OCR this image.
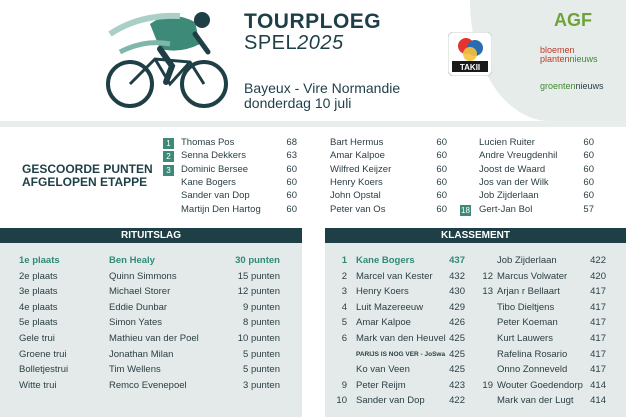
TOURPLOEG
SPEL2025
Bayeux - Vire Normandie
donderdag 10 juli
TAKII
AGF
bloemen
plantennieuws
groentennieuws
GESCOORDE PUNTEN
AFGELOPEN ETAPPE
1	Thomas Pos	68
2	Senna Dekkers	63
3	Dominic Bersee	60
Kane Bogers	60
Sander van Dop	60
Martijn Den Hartog	60
Bart Hermus	60
Amar Kalpoe	60
Wilfred Keijzer	60
Henry Koers	60
John Opstal	60
Peter van Os	60
Lucien Ruiter	60
Andre Vreugdenhil	60
Joost de Waard	60
Jos van der Wilk	60
Job Zijderlaan	60
18 Gert-Jan Bol	57
RITUITSLAG
1e plaats	Ben Healy	30 punten
2e plaats	Quinn Simmons	15 punten
3e plaats	Michael Storer	12 punten
4e plaats	Eddie Dunbar	9 punten
5e plaats	Simon Yates	8 punten
Gele trui	Mathieu van der Poel	10 punten
Groene trui	Jonathan Milan	5 punten
Bolletjestrui	Tim Wellens	5 punten
Witte trui	Remco Evenepoel	3 punten
KLASSEMENT
1 Kane Bogers	437
2 Marcel van Kester	432
3 Henry Koers	430
4 Luit Mazereeuw	429
5 Amar Kalpoe	426
6 Mark van den Heuvel 425
PARIJS IS NOG VER - JoSwa 425
Ko van Veen	425
9 Peter Reijm	423
10 Sander van Dop	422
Job Zijderlaan	422
12 Marcus Volwater	420
13 Arjan r Bellaart	417
Tibo Dieltjens	417
Peter Koeman	417
Kurt Lauwers	417
Rafelina Rosario	417
Onno Zonneveld	417
19 Wouter Goedendorp 414
Mark van der Lugt	414
